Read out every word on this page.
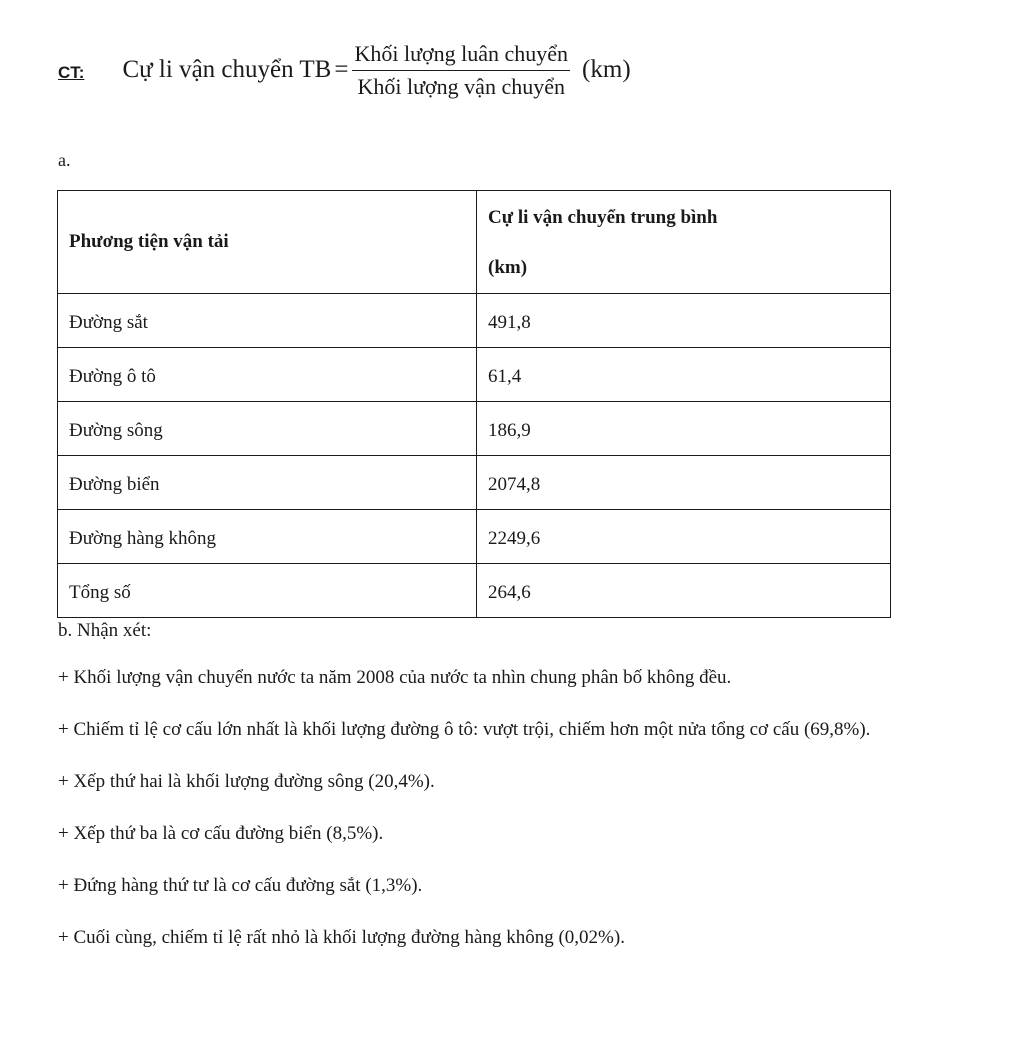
CT: Cự li vận chuyển TB = $\frac{\text{Khối lượng luân chuyển}}{\text{Khối lượng vận chuyển}} (km)$
a.
Phương tiện vận tải	Cự li vận chuyển trung bình
(km)

Đường sắt	491,8
Đường ô tô	61,4
Đường sông	186,9
Đường biển	2074,8
Đường hàng không	2249,6
Tổng số	264,6

b. Nhận xét:

+ Khối lượng vận chuyển nước ta năm 2008 của nước ta nhìn chung phân bố không đều.

+ Chiếm tỉ lệ cơ cấu lớn nhất là khối lượng đường ô tô: vượt trội, chiếm hơn một nửa tổng cơ cấu (69,8%).

+ Xếp thứ hai là khối lượng đường sông (20,4%).

+ Xếp thứ ba là cơ cấu đường biển (8,5%).

+ Đứng hàng thứ tư là cơ cấu đường sắt (1,3%).

+ Cuối cùng, chiếm tỉ lệ rất nhỏ là khối lượng đường hàng không (0,02%).
